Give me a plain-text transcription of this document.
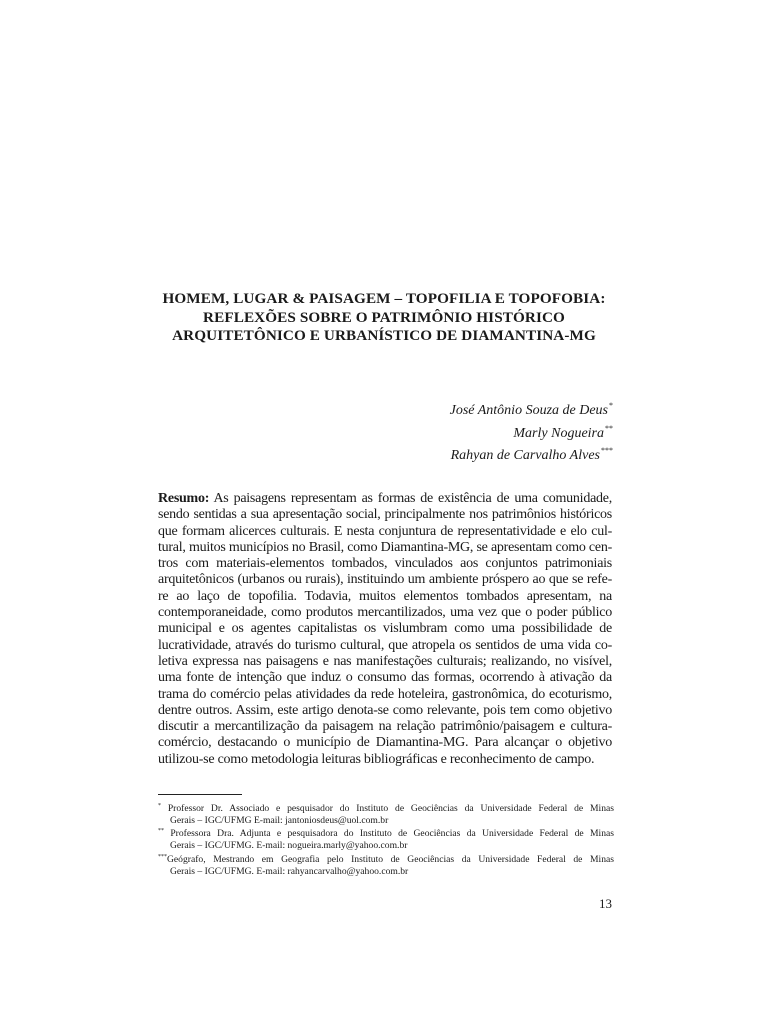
HOMEM, LUGAR & PAISAGEM – TOPOFILIA E TOPOFOBIA:
REFLEXÕES SOBRE O PATRIMÔNIO HISTÓRICO
ARQUITETÔNICO E URBANÍSTICO DE DIAMANTINA-MG
José Antônio Souza de Deus*
Marly Nogueira**
Rahyan de Carvalho Alves***
Resumo: As paisagens representam as formas de existência de uma comunidade,
sendo sentidas a sua apresentação social, principalmente nos patrimônios históricos
que formam alicerces culturais. E nesta conjuntura de representatividade e elo cul-
tural, muitos municípios no Brasil, como Diamantina-MG, se apresentam como cen-
tros com materiais-elementos tombados, vinculados aos conjuntos patrimoniais
arquitetônicos (urbanos ou rurais), instituindo um ambiente próspero ao que se refe-
re ao laço de topofilia. Todavia, muitos elementos tombados apresentam, na
contemporaneidade, como produtos mercantilizados, uma vez que o poder público
municipal e os agentes capitalistas os vislumbram como uma possibilidade de
lucratividade, através do turismo cultural, que atropela os sentidos de uma vida co-
letiva expressa nas paisagens e nas manifestações culturais; realizando, no visível,
uma fonte de intenção que induz o consumo das formas, ocorrendo à ativação da
trama do comércio pelas atividades da rede hoteleira, gastronômica, do ecoturismo,
dentre outros. Assim, este artigo denota-se como relevante, pois tem como objetivo
discutir a mercantilização da paisagem na relação patrimônio/paisagem e cultura-
comércio, destacando o município de Diamantina-MG. Para alcançar o objetivo
utilizou-se como metodologia leituras bibliográficas e reconhecimento de campo.
* Professor Dr. Associado e pesquisador do Instituto de Geociências da Universidade Federal de Minas
Gerais – IGC/UFMG E-mail: jantoniosdeus@uol.com.br
** Professora Dra. Adjunta e pesquisadora do Instituto de Geociências da Universidade Federal de Minas
Gerais – IGC/UFMG. E-mail: nogueira.marly@yahoo.com.br
***Geógrafo, Mestrando em Geografia pelo Instituto de Geociências da Universidade Federal de Minas
Gerais – IGC/UFMG. E-mail: rahyancarvalho@yahoo.com.br
13
